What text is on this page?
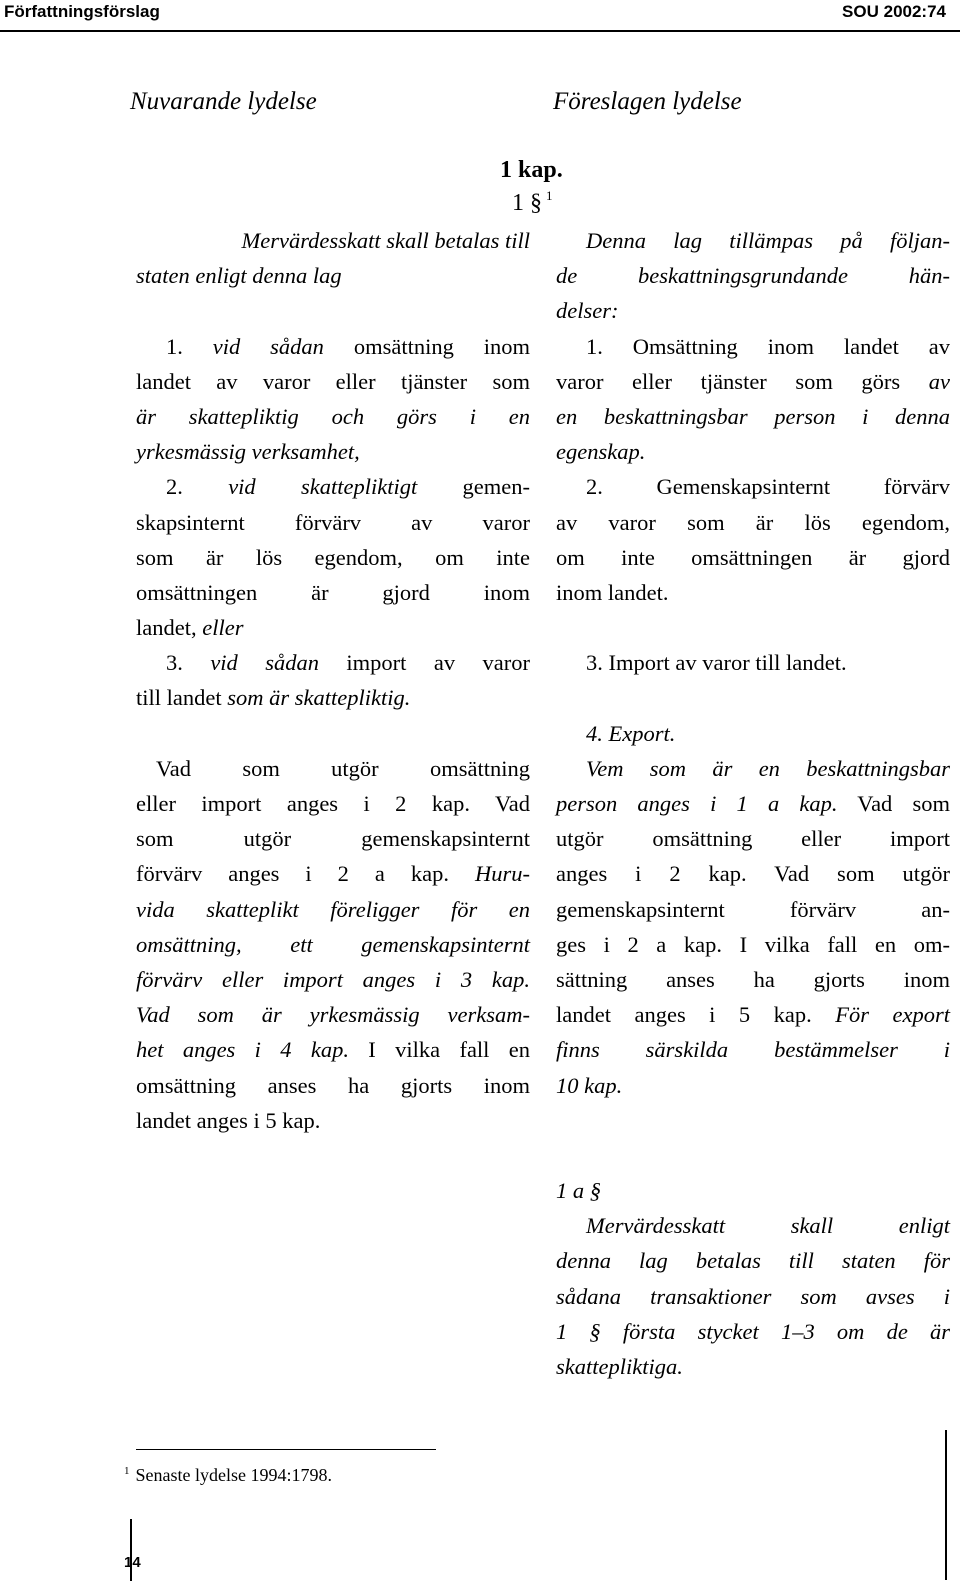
Författningsförslag	SOU 2002:74
Nuvarande lydelse	Föreslagen lydelse
1 kap.
1 § $^1$
Mervärdesskatt skall betalas till
staten enligt denna lag
1. vid sådan omsättning inom
landet av varor eller tjänster som
är skattepliktig och görs i en
yrkesmässig verksamhet,
2. vid skattepliktigt gemen-
skapsinternt förvärv av varor
som är lös egendom, om inte
omsättningen är gjord inom
landet, eller
3. vid sådan import av varor
till landet som är skattepliktig.
Vad som utgör omsättning
eller import anges i 2 kap. Vad
som utgör gemenskapsinternt
förvärv anges i 2 a kap. Huru-
vida skatteplikt föreligger för en
omsättning, ett gemenskapsinternt
förvärv eller import anges i 3 kap.
Vad som är yrkesmässig verksam-
het anges i 4 kap. I vilka fall en
omsättning anses ha gjorts inom
landet anges i 5 kap.
Denna lag tillämpas på följan-
de beskattningsgrundande hän-
delser:
1. Omsättning inom landet av
varor eller tjänster som görs av
en beskattningsbar person i denna
egenskap.
2. Gemenskapsinternt förvärv
av varor som är lös egendom,
om inte omsättningen är gjord
inom landet.
3. Import av varor till landet.
4. Export.
Vem som är en beskattningsbar
person anges i 1 a kap. Vad som
utgör omsättning eller import
anges i 2 kap. Vad som utgör
gemenskapsinternt förvärv an-
ges i 2 a kap. I vilka fall en om-
sättning anses ha gjorts inom
landet anges i 5 kap. För export
finns särskilda bestämmelser i
10 kap.
1 a §
Mervärdesskatt skall enligt
denna lag betalas till staten för
sådana transaktioner som avses i
1 § första stycket 1–3 om de är
skattepliktiga.
$^1$ Senaste lydelse 1994:1798.
14
